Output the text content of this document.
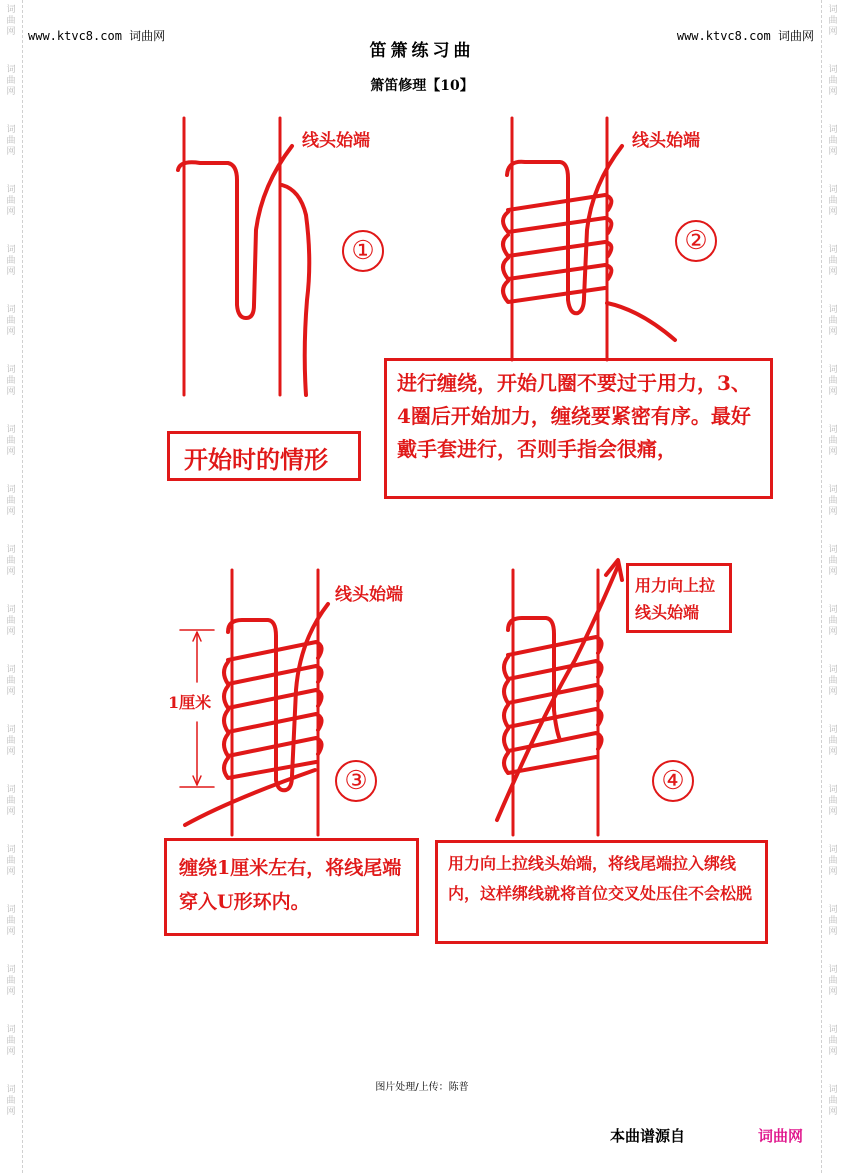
词曲网
词曲网
词曲网
词曲网
词曲网
词曲网
词曲网
词曲网
词曲网
词曲网
词曲网
词曲网
词曲网
词曲网
词曲网
词曲网
词曲网
词曲网
词曲网
词曲网
词曲网
词曲网
词曲网
词曲网
词曲网
词曲网
词曲网
词曲网
词曲网
词曲网
词曲网
词曲网
词曲网
词曲网
词曲网
词曲网
词曲网
词曲网
www.ktvc8.com 词曲网	www.ktvc8.com 词曲网
笛箫练习曲
箫笛修理【10】
线头始端
①
开始时的情形
线头始端
②
进行缠绕，开始几圈不要过于用力，3、4圈后开始加力，缠绕要紧密有序。最好戴手套进行，否则手指会很痛，
线头始端
1厘米
③
缠绕1厘米左右，将线尾端穿入U形环内。
用力向上拉线头始端
④
用力向上拉线头始端，将线尾端拉入绑线内，这样绑线就将首位交叉处压住不会松脱
图片处理/上传：陈普
本曲谱源自	词曲网
